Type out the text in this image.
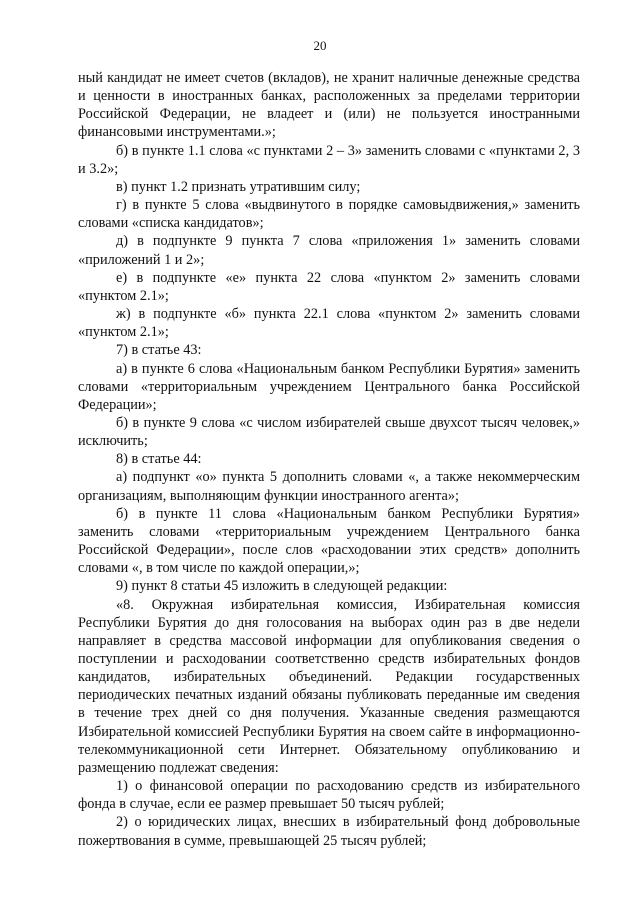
20

ный кандидат не имеет счетов (вкладов), не хранит наличные денежные средства и ценности в иностранных банках, расположенных за пределами территории Российской Федерации, не владеет и (или) не пользуется иностранными финансовыми инструментами.»;

б) в пункте 1.1 слова «с пунктами 2 – 3» заменить словами с «пунктами 2, 3 и 3.2»;

в) пункт 1.2 признать утратившим силу;

г) в пункте 5 слова «выдвинутого в порядке самовыдвижения,» заменить словами «списка кандидатов»;

д) в подпункте 9 пункта 7 слова «приложения 1» заменить словами «приложений 1 и 2»;

е) в подпункте «е» пункта 22 слова «пунктом 2» заменить словами «пунктом 2.1»;

ж) в подпункте «б» пункта 22.1 слова «пунктом 2» заменить словами «пунктом 2.1»;

7) в статье 43:

а) в пункте 6 слова «Национальным банком Республики Бурятия» заменить словами «территориальным учреждением Центрального банка Российской Федерации»;

б) в пункте 9 слова «с числом избирателей свыше двухсот тысяч человек,» исключить;

8) в статье 44:

а) подпункт «о» пункта 5 дополнить словами «, а также некоммерческим организациям, выполняющим функции иностранного агента»;

б) в пункте 11 слова «Национальным банком Республики Бурятия» заменить словами «территориальным учреждением Центрального банка Российской Федерации», после слов «расходовании этих средств» дополнить словами «, в том числе по каждой операции,»;

9) пункт 8 статьи 45 изложить в следующей редакции:

«8. Окружная избирательная комиссия, Избирательная комиссия Республики Бурятия до дня голосования на выборах один раз в две недели направляет в средства массовой информации для опубликования сведения о поступлении и расходовании соответственно средств избирательных фондов кандидатов, избирательных объединений. Редакции государственных периодических печатных изданий обязаны публиковать переданные им сведения в течение трех дней со дня получения. Указанные сведения размещаются Избирательной комиссией Республики Бурятия на своем сайте в информационно-телекоммуникационной сети Интернет. Обязательному опубликованию и размещению подлежат сведения:

1) о финансовой операции по расходованию средств из избирательного фонда в случае, если ее размер превышает 50 тысяч рублей;

2) о юридических лицах, внесших в избирательный фонд добровольные пожертвования в сумме, превышающей 25 тысяч рублей;
